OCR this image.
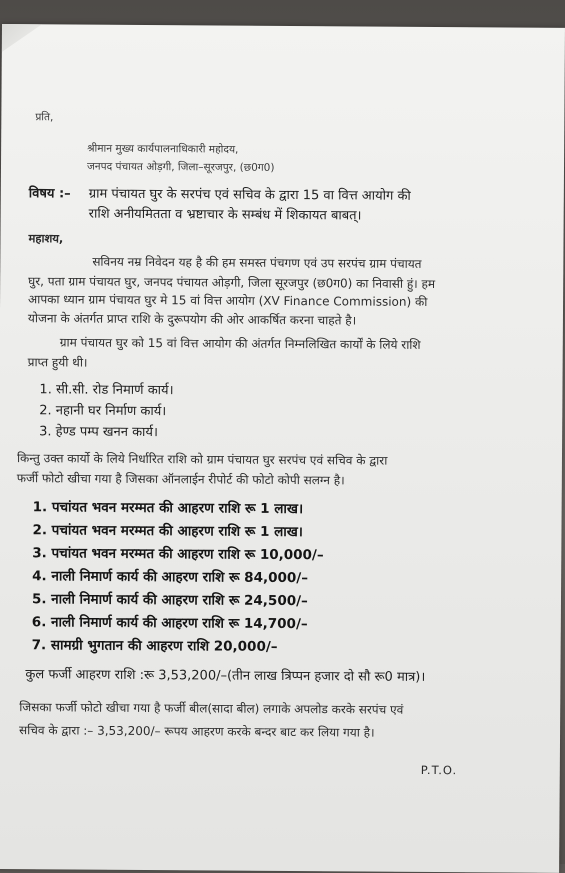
प्रति,
श्रीमान मुख्य कार्यपालनाधिकारी महोदय,
जनपद पंचायत ओड़गी, जिला–सूरजपुर, (छ0ग0)
विषय :– ग्राम पंचायत घुर के सरपंच एवं सचिव के द्वारा 15 वा वित्त आयोग की
राशि अनीयमितता व भ्रष्टाचार के सम्बंध में शिकायत बाबत्।
महाशय,
सविनय नम्र निवेदन यह है की हम समस्त पंचगण एवं उप सरपंच ग्राम पंचायत
घुर, पता ग्राम पंचायत घुर, जनपद पंचायत ओड़गी, जिला सूरजपुर (छ0ग0) का निवासी हुं। हम
आपका ध्यान ग्राम पंचायत घुर मे 15 वां वित्त आयोग (XV Finance Commission) की
योजना के अंतर्गत प्राप्त राशि के दुरूपयोग की ओर आकर्षित करना चाहते है।
ग्राम पंचायत घुर को 15 वां वित्त आयोग की अंतर्गत निम्नलिखित कार्यों के लिये राशि
प्राप्त हुयी थी।
1. सी.सी. रोड निमार्ण कार्य।
2. नहानी घर निर्माण कार्य।
3. हेण्ड पम्प खनन कार्य।
किन्तु उक्त कार्यो के लिये निर्धारित राशि को ग्राम पंचायत घुर सरपंच एवं सचिव के द्वारा
फर्जी फोटो खीचा गया है जिसका ऑनलाईन रीपोर्ट की फोटो कोपी सलग्न है।
1. पचांयत भवन मरम्मत की आहरण राशि रू 1 लाख।
2. पचांयत भवन मरम्मत की आहरण राशि रू 1 लाख।
3. पचांयत भवन मरम्मत की आहरण राशि रू 10,000/–
4. नाली निमार्ण कार्य की आहरण राशि रू 84,000/–
5. नाली निमार्ण कार्य की आहरण राशि रू 24,500/–
6. नाली निमार्ण कार्य की आहरण राशि रू 14,700/–
7. सामग्री भुगतान की आहरण राशि 20,000/–
कुल फर्जी आहरण राशि :रू 3,53,200/–(तीन लाख त्रिप्पन हजार दो सौ रू0 मात्र)।
जिसका फर्जी फोटो खीचा गया है फर्जी बील(सादा बील) लगाके अपलोड करके सरपंच एवं
सचिव के द्वारा :– 3,53,200/– रूपय आहरण करके बन्दर बाट कर लिया गया है।
P.T.O.
